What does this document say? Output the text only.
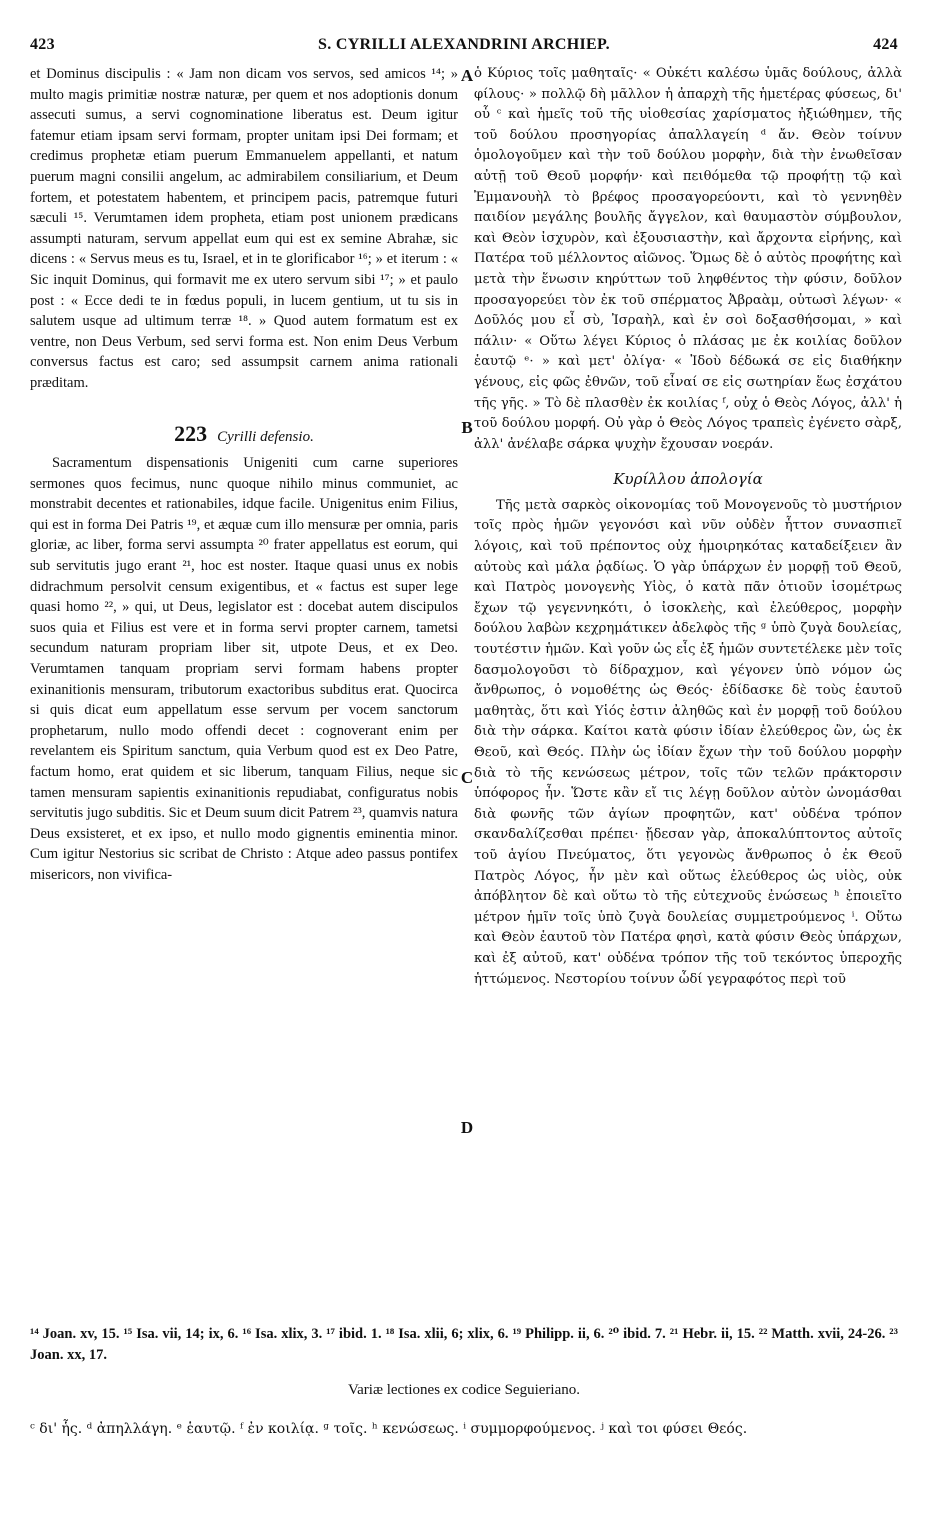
423	S. CYRILLI ALEXANDRINI ARCHIEP.	424
A
B
C
D

et Dominus discipulis : « Jam non dicam vos servos, sed amicos ¹⁴; » multo magis primitiæ nostræ naturæ, per quem et nos adoptionis donum assecuti sumus, a servi cognominatione liberatus est. Deum igitur fatemur etiam ipsam servi formam, propter unitam ipsi Dei formam; et credimus prophetæ etiam puerum Emmanuelem appellanti, et natum puerum magni consilii angelum, ac admirabilem consiliarium, et Deum fortem, et potestatem habentem, et principem pacis, patremque futuri sæculi ¹⁵. Verumtamen idem propheta, etiam post unionem prædicans assumpti naturam, servum appellat eum qui est ex semine Abrahæ, sic dicens : « Servus meus es tu, Israel, et in te glorificabor ¹⁶; » et iterum : « Sic inquit Dominus, qui formavit me ex utero servum sibi ¹⁷; » et paulo post : « Ecce dedi te in fœdus populi, in lucem gentium, ut tu sis in salutem usque ad ultimum terræ ¹⁸. » Quod autem formatum est ex ventre, non Deus Verbum, sed servi forma est. Non enim Deus Verbum conversus factus est caro; sed assumpsit carnem anima rationali præditam.

223 Cyrilli defensio.

Sacramentum dispensationis Unigeniti cum carne superiores sermones quos fecimus, nunc quoque nihilo minus communiet, ac monstrabit decentes et rationabiles, idque facile. Unigenitus enim Filius, qui est in forma Dei Patris ¹⁹, et æquæ cum illo mensuræ per omnia, paris gloriæ, ac liber, forma servi assumpta ²⁰ frater appellatus est eorum, qui sub servitutis jugo erant ²¹, hoc est noster. Itaque quasi unus ex nobis didrachmum persolvit censum exigentibus, et « factus est super lege quasi homo ²², » qui, ut Deus, legislator est : docebat autem discipulos suos quia et Filius est vere et in forma servi propter carnem, tametsi secundum naturam propriam liber sit, utpote Deus, et ex Deo. Verumtamen tanquam propriam servi formam habens propter exinanitionis mensuram, tributorum exactoribus subditus erat. Quocirca si quis dicat eum appellatum esse servum per vocem sanctorum prophetarum, nullo modo offendi decet : cognoverant enim per revelantem eis Spiritum sanctum, quia Verbum quod est ex Deo Patre, factum homo, erat quidem et sic liberum, tanquam Filius, neque sic tamen mensuram sapientis exinanitionis repudiabat, configuratus nobis servitutis jugo subditis. Sic et Deum suum dicit Patrem ²³, quamvis natura Deus exsisteret, et ex ipso, et nullo modo gignentis eminentia minor. Cum igitur Nestorius sic scribat de Christo : Atque adeo passus pontifex misericors, non vivifica-

ὁ Κύριος τοῖς μαθηταῖς· « Οὐκέτι καλέσω ὑμᾶς δούλους, ἀλλὰ φίλους· » πολλῷ δὴ μᾶλλον ἡ ἀπαρχὴ τῆς ἡμετέρας φύσεως, δι' οὗ ᶜ καὶ ἡμεῖς τοῦ τῆς υἱοθεσίας χαρίσματος ἠξιώθημεν, τῆς τοῦ δούλου προσηγορίας ἀπαλλαγείη ᵈ ἄν. Θεὸν τοίνυν ὁμολογοῦμεν καὶ τὴν τοῦ δούλου μορφὴν, διὰ τὴν ἐνωθεῖσαν αὐτῇ τοῦ Θεοῦ μορφήν· καὶ πειθόμεθα τῷ προφήτῃ τῷ καὶ Ἐμμανουὴλ τὸ βρέφος προσαγορεύοντι, καὶ τὸ γεννηθὲν παιδίον μεγάλης βουλῆς ἄγγελον, καὶ θαυμαστὸν σύμβουλον, καὶ Θεὸν ἰσχυρὸν, καὶ ἐξουσιαστὴν, καὶ ἄρχοντα εἰρήνης, καὶ Πατέρα τοῦ μέλλοντος αἰῶνος. Ὅμως δὲ ὁ αὐτὸς προφήτης καὶ μετὰ τὴν ἕνωσιν κηρύττων τοῦ ληφθέντος τὴν φύσιν, δοῦλον προσαγορεύει τὸν ἐκ τοῦ σπέρματος Ἀβραὰμ, οὑτωσὶ λέγων· « Δοῦλός μου εἶ σὺ, Ἰσραὴλ, καὶ ἐν σοὶ δοξασθήσομαι, » καὶ πάλιν· « Οὕτω λέγει Κύριος ὁ πλάσας με ἐκ κοιλίας δοῦλον ἑαυτῷ ᵉ· » καὶ μετ' ὀλίγα· « Ἰδοὺ δέδωκά σε εἰς διαθήκην γένους, εἰς φῶς ἐθνῶν, τοῦ εἶναί σε εἰς σωτηρίαν ἕως ἐσχάτου τῆς γῆς. » Τὸ δὲ πλασθὲν ἐκ κοιλίας ᶠ, οὐχ ὁ Θεὸς Λόγος, ἀλλ' ἡ τοῦ δούλου μορφή. Οὐ γὰρ ὁ Θεὸς Λόγος τραπεὶς ἐγένετο σὰρξ, ἀλλ' ἀνέλαβε σάρκα ψυχὴν ἔχουσαν νοεράν.

Κυρίλλου ἀπολογία

Τῆς μετὰ σαρκὸς οἰκονομίας τοῦ Μονογενοῦς τὸ μυστήριον τοῖς πρὸς ἡμῶν γεγονόσι καὶ νῦν οὐδὲν ἧττον συνασπιεῖ λόγοις, καὶ τοῦ πρέποντος οὐχ ἡμοιρηκότας καταδείξειεν ἂν αὐτοὺς καὶ μάλα ῥᾳδίως. Ὁ γὰρ ὑπάρχων ἐν μορφῇ τοῦ Θεοῦ, καὶ Πατρὸς μονογενὴς Υἱὸς, ὁ κατὰ πᾶν ὁτιοῦν ἰσομέτρως ἔχων τῷ γεγεννηκότι, ὁ ἰσοκλεὴς, καὶ ἐλεύθερος, μορφὴν δούλου λαβὼν κεχρημάτικεν ἀδελφὸς τῆς ᵍ ὑπὸ ζυγὰ δουλείας, τουτέστιν ἡμῶν. Καὶ γοῦν ὡς εἷς ἐξ ἡμῶν συντετέλεκε μὲν τοῖς δασμολογοῦσι τὸ δίδραχμον, καὶ γέγονεν ὑπὸ νόμον ὡς ἄνθρωπος, ὁ νομοθέτης ὡς Θεός· ἐδίδασκε δὲ τοὺς ἑαυτοῦ μαθητὰς, ὅτι καὶ Υἱός ἐστιν ἀληθῶς καὶ ἐν μορφῇ τοῦ δούλου διὰ τὴν σάρκα. Καίτοι κατὰ φύσιν ἰδίαν ἐλεύθερος ὢν, ὡς ἐκ Θεοῦ, καὶ Θεός. Πλὴν ὡς ἰδίαν ἔχων τὴν τοῦ δούλου μορφὴν διὰ τὸ τῆς κενώσεως μέτρον, τοῖς τῶν τελῶν πράκτορσιν ὑπόφορος ἦν. Ὥστε κἂν εἴ τις λέγῃ δοῦλον αὐτὸν ὠνομάσθαι διὰ φωνῆς τῶν ἁγίων προφητῶν, κατ' οὐδένα τρόπον σκανδαλίζεσθαι πρέπει· ᾔδεσαν γὰρ, ἀποκαλύπτοντος αὐτοῖς τοῦ ἁγίου Πνεύματος, ὅτι γεγονὼς ἄνθρωπος ὁ ἐκ Θεοῦ Πατρὸς Λόγος, ἦν μὲν καὶ οὕτως ἐλεύθερος ὡς υἱὸς, οὐκ ἀπόβλητον δὲ καὶ οὕτω τὸ τῆς εὐτεχνοῦς ἐνώσεως ʰ ἐποιεῖτο μέτρον ἡμῖν τοῖς ὑπὸ ζυγὰ δουλείας συμμετρούμενος ⁱ. Οὕτω καὶ Θεὸν ἑαυτοῦ τὸν Πατέρα φησὶ, κατὰ φύσιν Θεὸς ὑπάρχων, καὶ ἐξ αὐτοῦ, κατ' οὐδένα τρόπον τῆς τοῦ τεκόντος ὑπεροχῆς ἡττώμενος. Νεστορίου τοίνυν ὧδί γεγραφότος περὶ τοῦ

¹⁴ Joan. xv, 15. ¹⁵ Isa. vii, 14; ix, 6. ¹⁶ Isa. xlix, 3. ¹⁷ ibid. 1. ¹⁸ Isa. xlii, 6; xlix, 6. ¹⁹ Philipp. ii, 6. ²⁰ ibid. 7. ²¹ Hebr. ii, 15. ²² Matth. xvii, 24-26. ²³ Joan. xx, 17.
Variæ lectiones ex codice Seguieriano.

ᶜ δι' ἧς. ᵈ ἀπηλλάγη. ᵉ ἑαυτῷ. ᶠ ἐν κοιλίᾳ. ᵍ τοῖς. ʰ κενώσεως. ⁱ συμμορφούμενος. ʲ καὶ τοι φύσει Θεός.
